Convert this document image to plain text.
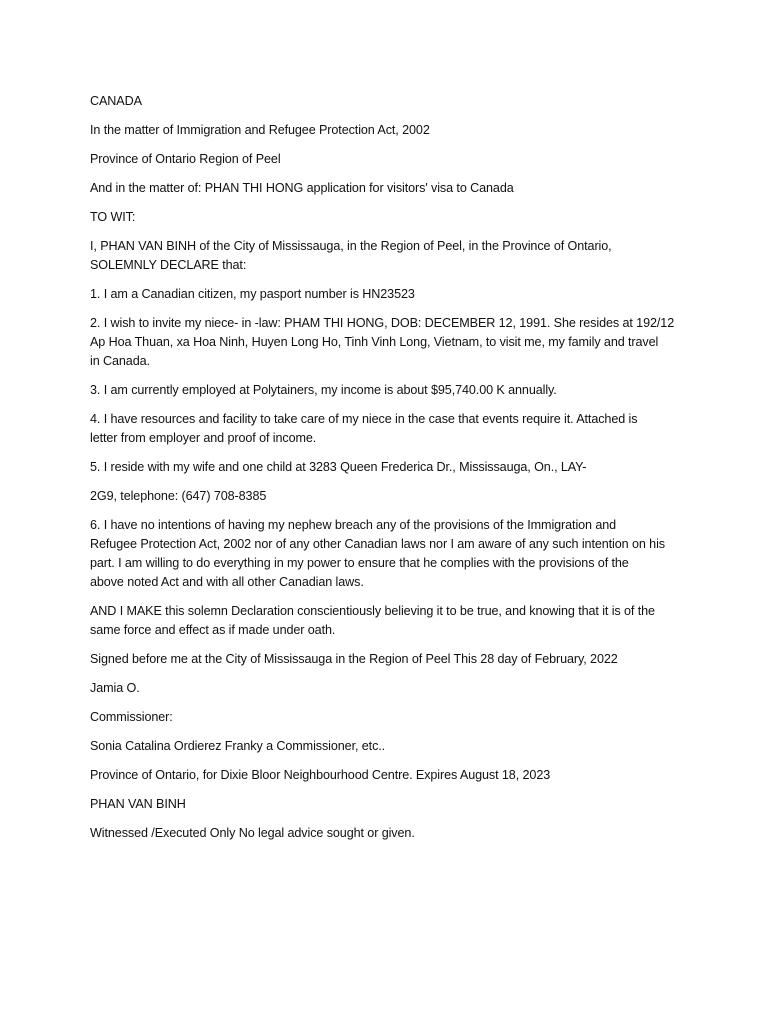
CANADA

In the matter of Immigration and Refugee Protection Act, 2002

Province of Ontario Region of Peel

And in the matter of: PHAN THI HONG application for visitors' visa to Canada

TO WIT:

I, PHAN VAN BINH of the City of Mississauga, in the Region of Peel, in the Province of Ontario,
SOLEMNLY DECLARE that:

1. I am a Canadian citizen, my pasport number is HN23523

2. I wish to invite my niece- in -law: PHAM THI HONG, DOB: DECEMBER 12, 1991. She resides at 192/12
Ap Hoa Thuan, xa Hoa Ninh, Huyen Long Ho, Tinh Vinh Long, Vietnam, to visit me, my family and travel
in Canada.

3. I am currently employed at Polytainers, my income is about $95,740.00 K annually.

4. I have resources and facility to take care of my niece in the case that events require it. Attached is
letter from employer and proof of income.

5. I reside with my wife and one child at 3283 Queen Frederica Dr., Mississauga, On., LAY-

2G9, telephone: (647) 708-8385

6. I have no intentions of having my nephew breach any of the provisions of the Immigration and
Refugee Protection Act, 2002 nor of any other Canadian laws nor I am aware of any such intention on his
part. I am willing to do everything in my power to ensure that he complies with the provisions of the
above noted Act and with all other Canadian laws.

AND I MAKE this solemn Declaration conscientiously believing it to be true, and knowing that it is of the
same force and effect as if made under oath.

Signed before me at the City of Mississauga in the Region of Peel This 28 day of February, 2022

Jamia O.

Commissioner:

Sonia Catalina Ordierez Franky a Commissioner, etc..

Province of Ontario, for Dixie Bloor Neighbourhood Centre. Expires August 18, 2023

PHAN VAN BINH

Witnessed /Executed Only No legal advice sought or given.
